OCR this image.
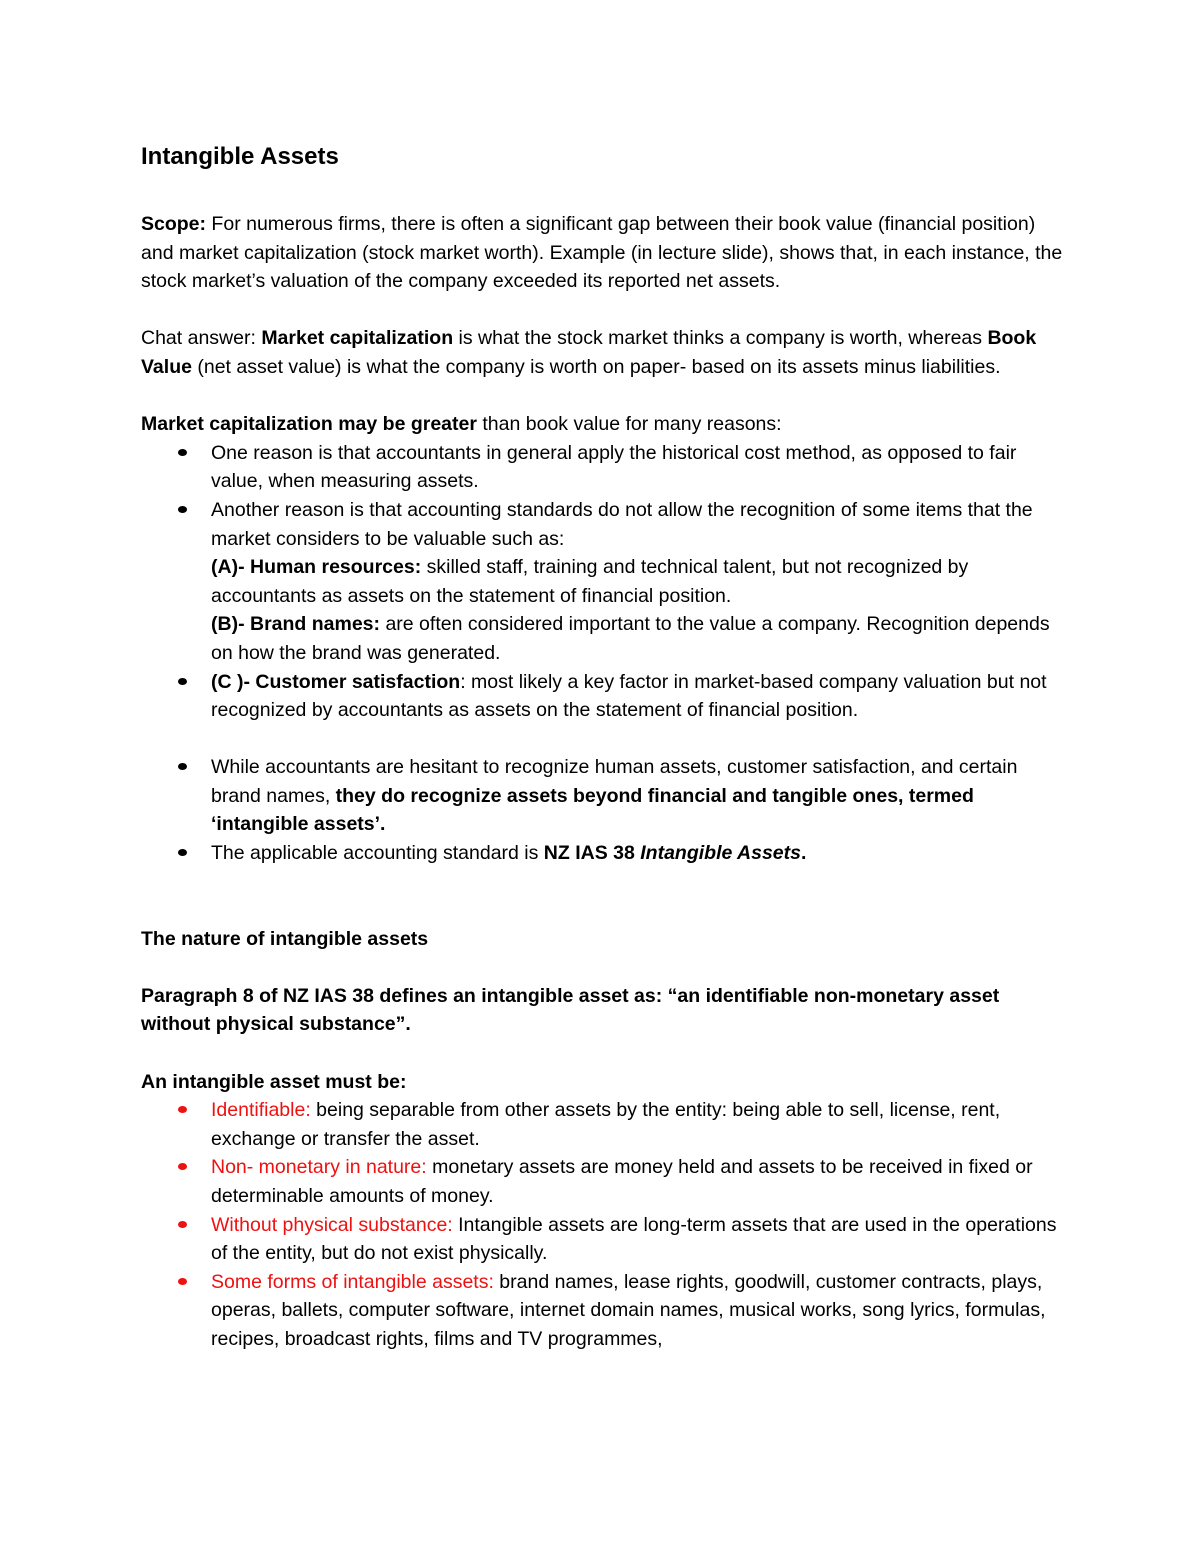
Intangible Assets

Scope: For numerous firms, there is often a significant gap between their book value (financial position) and market capitalization (stock market worth). Example (in lecture slide), shows that, in each instance, the stock market’s valuation of the company exceeded its reported net assets.

Chat answer: Market capitalization is what the stock market thinks a company is worth, whereas Book Value (net asset value) is what the company is worth on paper- based on its assets minus liabilities.

Market capitalization may be greater than book value for many reasons:

One reason is that accountants in general apply the historical cost method, as opposed to fair value, when measuring assets.
Another reason is that accounting standards do not allow the recognition of some items that the market considers to be valuable such as:
(A)- Human resources: skilled staff, training and technical talent, but not recognized by accountants as assets on the statement of financial position.
(B)- Brand names: are often considered important to the value a company. Recognition depends on how the brand was generated.
(C )- Customer satisfaction: most likely a key factor in market-based company valuation but not recognized by accountants as assets on the statement of financial position.
While accountants are hesitant to recognize human assets, customer satisfaction, and certain brand names, they do recognize assets beyond financial and tangible ones, termed ‘intangible assets’.
The applicable accounting standard is NZ IAS 38 Intangible Assets.

The nature of intangible assets

Paragraph 8 of NZ IAS 38 defines an intangible asset as: “an identifiable non-monetary asset without physical substance”.

An intangible asset must be:

Identifiable: being separable from other assets by the entity: being able to sell, license, rent, exchange or transfer the asset.
Non- monetary in nature: monetary assets are money held and assets to be received in fixed or determinable amounts of money.
Without physical substance: Intangible assets are long-term assets that are used in the operations of the entity, but do not exist physically.
Some forms of intangible assets: brand names, lease rights, goodwill, customer contracts, plays, operas, ballets, computer software, internet domain names, musical works, song lyrics, formulas, recipes, broadcast rights, films and TV programmes,
